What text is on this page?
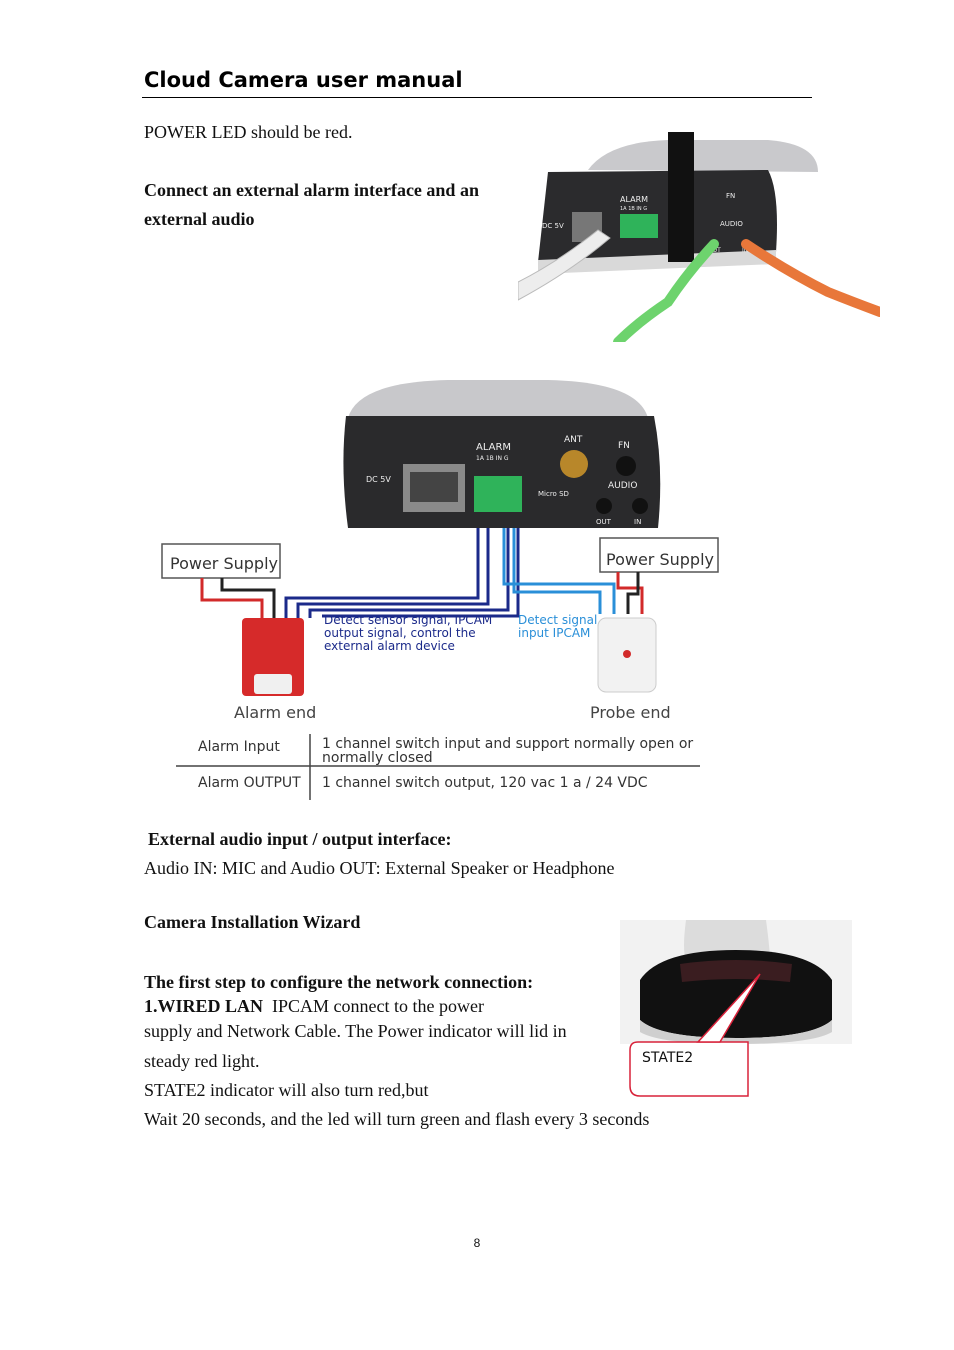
Cloud Camera user manual
POWER LED should be red.
Connect an external alarm interface and an
external audio	DC 5V
ALARM
1A 1B IN G
FN
AUDIO
OUT	IN
DC 5V
ALARM
1A 1B IN G
ANT
FN
AUDIO
Micro SD
OUT	IN
Power Supply	Power Supply
Detect sensor signal, IPCAM
output signal, control the
external alarm device
Detect signal
input IPCAM
Alarm end	Probe end
Alarm Input	1 channel switch input and support normally open or
normally closed
Alarm OUTPUT 1 channel switch output, 120 vac 1 a / 24 VDC
External audio input / output interface:
Audio IN: MIC and Audio OUT: External Speaker or Headphone
Camera Installation Wizard
The first step to configure the network connection:
1.WIRED LAN IPCAM connect to the power
supply and Network Cable. The Power indicator will lid in
steady red light.
STATE2 indicator will also turn red,but
Wait 20 seconds, and the led will turn green and flash every 3 seconds
STATE2
8
